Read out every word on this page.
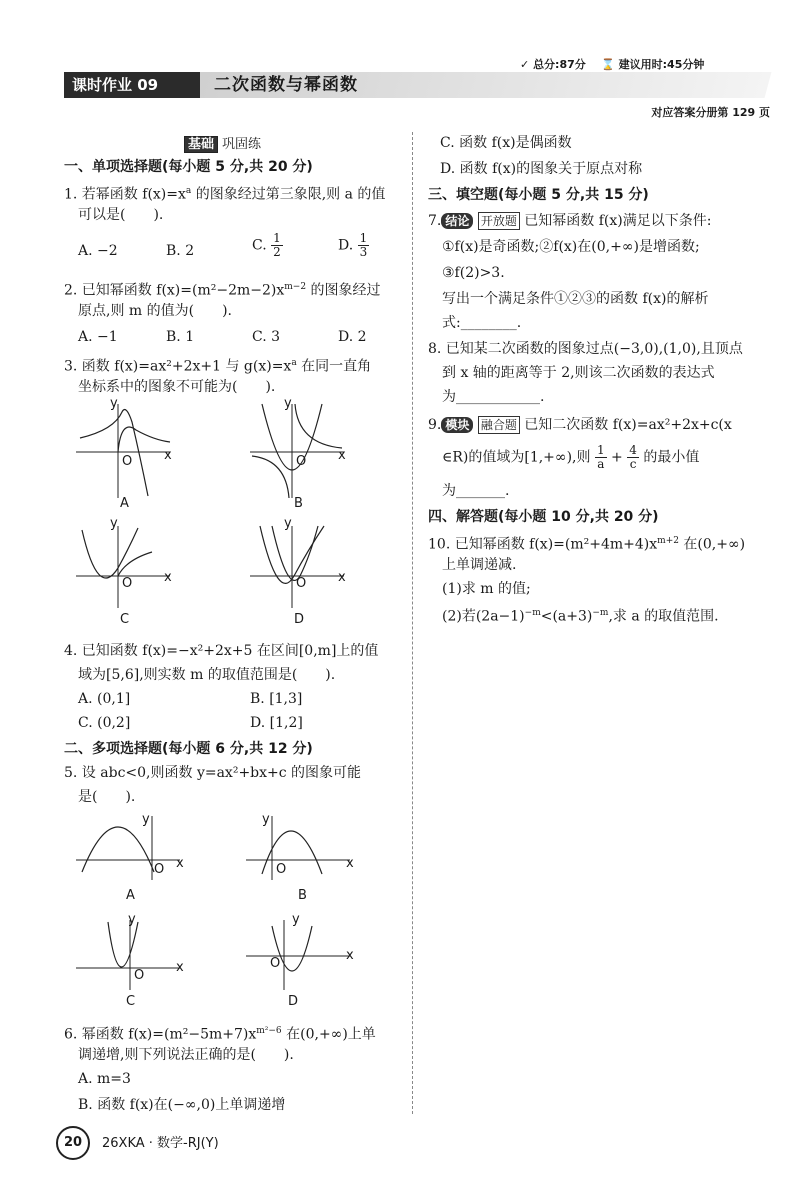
✓ 总分:87分 ⌛ 建议用时:45分钟
课时作业 09	二次函数与幂函数
对应答案分册第 129 页
基础 巩固练
一、单项选择题(每小题 5 分,共 20 分)
1. 若幂函数 $f(x)=x^a$ 的图象经过第三象限,则 a 的值
可以是(　　).
A. −2	B. 2	C. $\frac{1}{2}$	D. $\frac{1}{3}$
2. 已知幂函数 $f(x)=(m^2-2m-2)x^{m-2}$ 的图象经过
原点,则 m 的值为(　　).
A. −1	B. 1	C. 3	D. 2
3. 函数 f(x)=ax²+2x+1 与 $g(x)=x^a$ 在同一直角
坐标系中的图象不可能为(　　).
y
x
O
A
y
x
O
B
y
x
O
C
y
x
O
D
4. 已知函数 f(x)=−x²+2x+5 在区间[0,m]上的值
域为[5,6],则实数 m 的取值范围是(　　).
A. (0,1]	B. [1,3]
C. (0,2]	D. [1,2]
二、多项选择题(每小题 6 分,共 12 分)
5. 设 abc<0,则函数 y=ax²+bx+c 的图象可能
是(　　).
y
x
O
A
y
x
O
B
y
x
O
C
y
x
O
D
6. 幂函数 $f(x)=(m^2-5m+7)x^{m^2-6}$ 在(0,+∞)上单
调递增,则下列说法正确的是(　　).
A. m=3
B. 函数 f(x)在(−∞,0)上单调递增
C. 函数 f(x)是偶函数
D. 函数 f(x)的图象关于原点对称
三、填空题(每小题 5 分,共 15 分)
7. 结论 开放题 已知幂函数 f(x)满足以下条件:
①f(x)是奇函数;②f(x)在(0,+∞)是增函数;
③f(2)>3.
写出一个满足条件①②③的函数 f(x)的解析
式:________.
8. 已知某二次函数的图象过点(−3,0),(1,0),且顶点
到 x 轴的距离等于 2,则该二次函数的表达式
为____________.
9. 模块 融合题 已知二次函数 f(x)=ax²+2x+c(x
∈R)的值域为[1,+∞),则 $\frac{1}{a} + \frac{4}{c}$ 的最小值
为_______.
四、解答题(每小题 10 分,共 20 分)
10. 已知幂函数 $f(x)=(m^2+4m+4)x^{m+2}$ 在(0,+∞)
上单调递减.
(1)求 m 的值;
(2)若$(2a-1)^{-m}<(a+3)^{-m}$,求 a 的取值范围.
20	26XKA · 数学-RJ(Y)
